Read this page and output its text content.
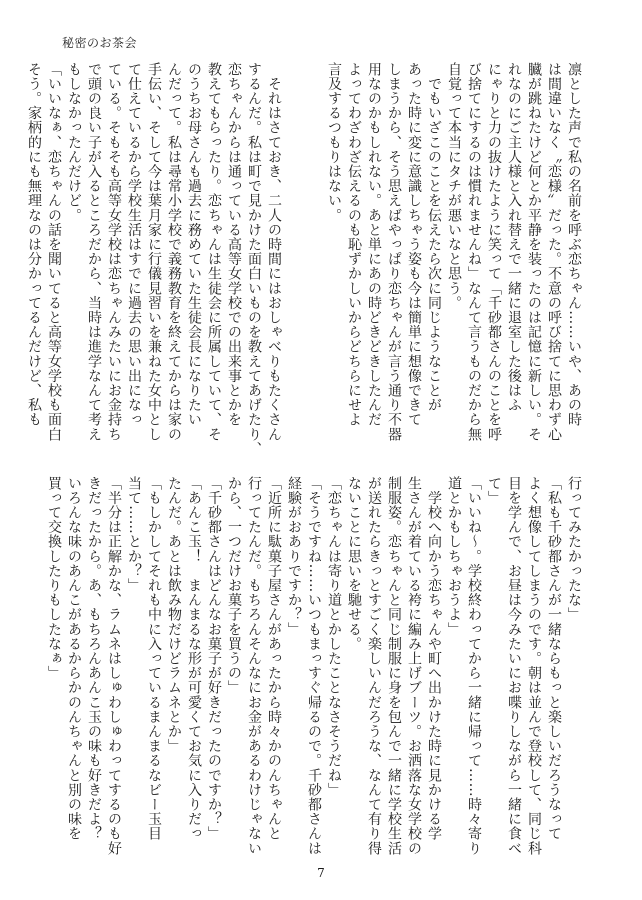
秘密のお茶会
凛とした声で私の名前を呼ぶ恋ちゃん……いや、あの時
は間違いなく〝恋様〟だった。不意の呼び捨てに思わず心
臓が跳ねたけど何とか平静を装ったのは記憶に新しい。そ
れなのにご主人様と入れ替えで一緒に退室した後はふ
にゃりと力の抜けたように笑って「千砂都さんのことを呼
び捨てにするのは慣れませんね」なんて言うものだから無
自覚って本当にタチが悪いなと思う。
　でもいざこのことを伝えたら次に同じようなことが
あった時に変に意識しちゃう姿も今は簡単に想像できて
しまうから、そう思えばやっぱり恋ちゃんが言う通り不器
用なのかもしれない。あと単にあの時どきどきしたんだ
よってわざわざ伝えるのも恥ずかしいからどちらにせよ
言及するつもりはない。

　それはさておき、二人の時間にはおしゃべりもたくさん
するんだ。私は町で見かけた面白いものを教えてあげたり、
恋ちゃんからは通っている高等女学校での出来事とかを
教えてもらったり。恋ちゃんは生徒会に所属していて、そ
のうちお母さんも過去に務めていた生徒会長になりたい
んだって。私は尋常小学校で義務教育を終えてからは家の
手伝い、そして今は葉月家に行儀見習いを兼ねた女中とし
て仕えているから学校生活はすでに過去の思い出になっ
ている。そもそも高等女学校は恋ちゃんみたいにお金持ち
で頭の良い子が入るところだから、当時は進学なんて考え
もしなかったんだけど。
「いいなぁ、恋ちゃんの話を聞いてると高等女学校も面白
そう。家柄的にも無理なのは分かってるんだけど、私も
行ってみたかったな」
「私も千砂都さんが一緒ならもっと楽しいだろうなって
よく想像してしまうのです。朝は並んで登校して、同じ科
目を学んで、お昼は今みたいにお喋りしながら一緒に食べ
て」
「いいね〜。学校終わってから一緒に帰って……時々寄り
道とかもしちゃおうよ」
　学校へ向かう恋ちゃんや町へ出かけた時に見かける学
生さんが着ている袴に編み上げブーツ。お洒落な女学校の
制服姿。恋ちゃんと同じ制服に身を包んで一緒に学校生活
が送れたらきっとすごく楽しいんだろうな、なんて有り得
ないことに思いを馳せる。
「恋ちゃんは寄り道とかしたことなさそうだね」
「そうですね……いつもまっすぐ帰るので。千砂都さんは
経験がおありですか？」
「近所に駄菓子屋さんがあったから時々かのんちゃんと
行ってたんだ。もちろんそんなにお金があるわけじゃない
から、一つだけお菓子を買うの」
「千砂都さんはどんなお菓子が好きだったのですか？」
「あんこ玉！　まんまるな形が可愛くてお気に入りだっ
たんだ。あとは飲み物だけどラムネとか」
「もしかしてそれも中に入っているまんまるなビー玉目
当て……とか？」
「半分は正解かな、ラムネはしゅわしゅわってするのも好
きだったから。あ、もちろんあんこ玉の味も好きだよ？
いろんな味のあんこがあるからかのんちゃんと別の味を
買って交換したりもしたなぁ」
7
